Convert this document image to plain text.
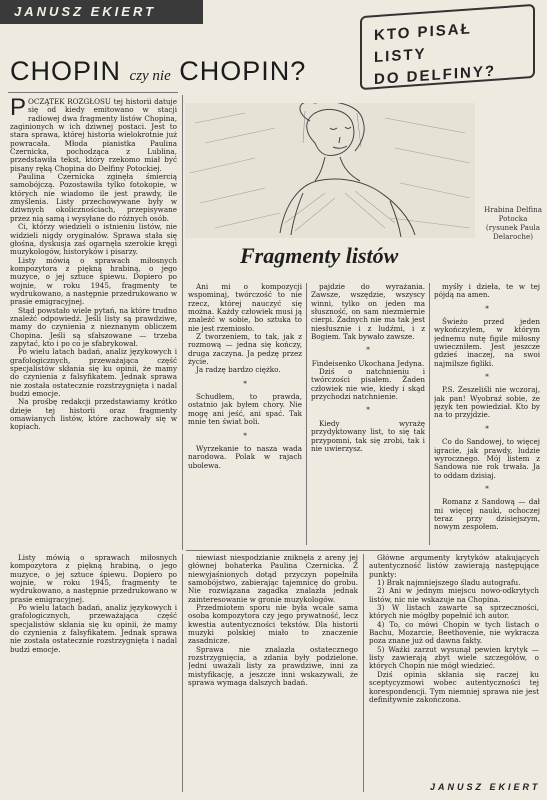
JANUSZ EKIERT
CHOPIN czy nie CHOPIN?
KTO PISAŁ LISTY
DO DELFINY?

POCZĄTEK ROZGŁOSU tej historii datuje się od kiedy emitowano w stacji radiowej dwa fragmenty listów Chopina, zaginionych w ich dziwnej postaci. Jest to stara sprawa, której historia wielokrotnie już powracała. Młoda pianistka Paulina Czernicka, pochodząca z Lublina, przedstawiła tekst, który rzekomo miał być pisany ręką Chopina do Delfiny Potockiej.

Paulina Czernicka zginęła śmiercią samobójczą. Pozostawiła tylko fotokopie, w których nie wiadomo ile jest prawdy, ile zmyślenia. Listy przechowywane były w dziwnych okolicznościach, przepisywane przez nią samą i wysyłane do różnych osób.

Ci, którzy wiedzieli o istnieniu listów, nie widzieli nigdy oryginałów. Sprawa stała się głośna, dyskusja zaś ogarnęła szerokie kręgi muzykologów, historyków i pisarzy.

Listy mówią o sprawach miłosnych kompozytora z piękną hrabiną, o jego muzyce, o jej sztuce śpiewu. Dopiero po wojnie, w roku 1945, fragmenty te wydrukowano, a następnie przedrukowano w prasie emigracyjnej.

Stąd powstało wiele pytań, na które trudno znaleźć odpowiedź. Jeśli listy są prawdziwe, mamy do czynienia z nieznanym obliczem Chopina. Jeśli są sfałszowane — trzeba zapytać, kto i po co je sfabrykował.

Po wielu latach badań, analiz językowych i grafologicznych, przeważająca część specjalistów skłania się ku opinii, że mamy do czynienia z falsyfikatem. Jednak sprawa nie została ostatecznie rozstrzygnięta i nadal budzi emocje.

Na prośbę redakcji przedstawiamy krótko dzieje tej historii oraz fragmenty omawianych listów, które zachowały się w kopiach.

Hrabina Delfina Potocka (rysunek Paula Delaroche)
Fragmenty listów

Ani mi o kompozycji wspominaj, twórczość to nie rzecz, której nauczyć się można. Każdy człowiek musi ją znaleźć w sobie, bo sztuka to nie jest rzemiosło.

Z tworzeniem, to tak, jak z rozmową — jedna się kończy, druga zaczyna. Ja pedzę przez życie.

Ja radzę bardzo ciężko.

*

Schudłem, to prawda, ostatnio jak byłem chory. Nie mogę ani jeść, ani spać. Tak mnie ten świat boli.

*

Wyrzekanie to nasza wada narodowa. Polak w rajach ubolewa.

pajdzie do wyrażania. Zawsze, wszędzie, wszyscy winni, tylko on jeden ma słuszność, on sam niezmiernie cierpi. Żadnych nie ma tak jest niesłusznie i z ludźmi, i z Bogiem. Tak bywało zawsze.

*

Findeisenko Ukochana Jedyna.

Dziś o natchnieniu i twórczości pisałem. Żaden człowiek nie wie, kiedy i skąd przychodzi natchnienie.

*

Kiedy wyrażę przydyktowany list, to się tak przypomni, tak się zrobi, tak i nie uwierzysz.

myśły i dzieła, te w tej pójdą na amen.

*

Świeżo przed jeden wykończyłem, w którym jednemu nutę figile miłosny uwieczniłem. Jest jeszcze gdzieś inaczej, na swoi najmilsze figliki.

*

P.S. Zeszeliśli nie wczoraj, jak pan! Wyobraź sobie, że język ten powiedział. Kto by na to przyjdzie.

*

Co do Sandowej, to więcej igracie, jak prawdy, ludzie wyrocznego. Mój listem z Sandowa nie rok trwała. Ja to oddam dzisiaj.

*

Romanz z Sandową — dał mi więcej nauki, ochoczej teraz przy dzisiejszym, nowym zespołem.

Listy mówią o sprawach miłosnych kompozytora z piękną hrabiną, o jego muzyce, o jej sztuce śpiewu. Dopiero po wojnie, w roku 1945, fragmenty te wydrukowano, a następnie przedrukowano w prasie emigracyjnej.

Po wielu latach badań, analiz językowych i grafologicznych, przeważająca część specjalistów skłania się ku opinii, że mamy do czynienia z falsyfikatem. Jednak sprawa nie została ostatecznie rozstrzygnięta i nadal budzi emocje.

niewiast niespodzianie zniknęła z areny jej głównej bohaterka Paulina Czernicka. Z niewyjaśnionych dotąd przyczyn popełniła samobójstwo, zabierając tajemnicę do grobu. Nie rozwiązana zagadka znalazła jednak zainteresowanie w gronie muzykologów.

Przedmiotem sporu nie była wcale sama osoba kompozytora czy jego prywatność, lecz kwestia autentyczności tekstów. Dla historii muzyki polskiej miało to znaczenie zasadnicze.

Sprawa nie znalazła ostatecznego rozstrzygnięcia, a zdania były podzielone. Jedni uważali listy za prawdziwe, inni za mistyfikację, a jeszcze inni wskazywali, że sprawa wymaga dalszych badań.

Główne argumenty krytyków atakujących autentyczność listów zawierają następujące punkty:

1) Brak najmniejszego śladu autografu.

2) Ani w jednym miejscu nowo-odkrytych listów, nic nie wskazuje na Chopina.

3) W listach zawarte są sprzeczności, których nie mógłby popełnić ich autor.

4) To, co mówi Chopin w tych listach o Bachu, Mozarcie, Beethovenie, nie wykracza poza znane już od dawna fakty.

5) Ważki zarzut wysunął pewien krytyk — listy zawierają zbyt wiele szczegółów, o których Chopin nie mógł wiedzieć.

Dziś opinia skłania się raczej ku sceptycyzmowi wobec autentyczności tej korespondencji. Tym niemniej sprawa nie jest definitywnie zakończona.

JANUSZ EKIERT
